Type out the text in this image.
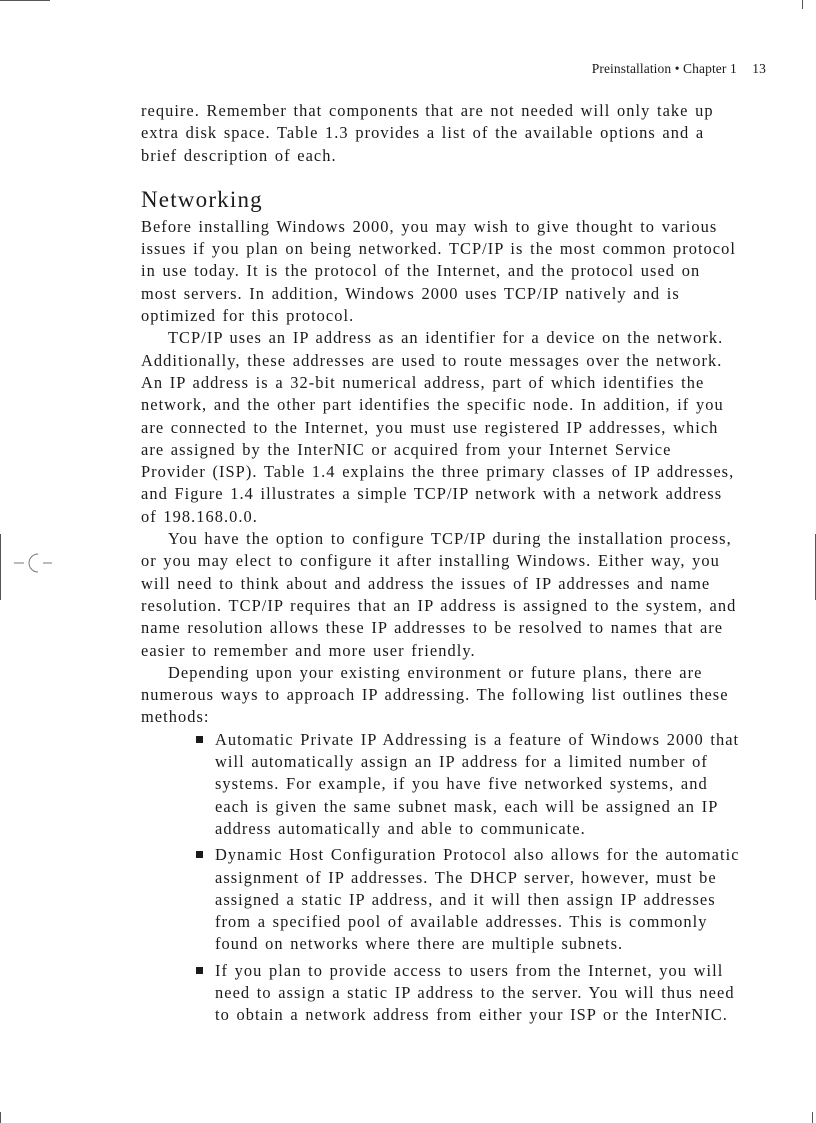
Preinstallation • Chapter 1 13

require. Remember that components that are not needed will only take up extra disk space. Table 1.3 provides a list of the available options and a brief description of each.

Networking

Before installing Windows 2000, you may wish to give thought to various issues if you plan on being networked. TCP/IP is the most common protocol in use today. It is the protocol of the Internet, and the protocol used on most servers. In addition, Windows 2000 uses TCP/IP natively and is optimized for this protocol.

TCP/IP uses an IP address as an identifier for a device on the network. Additionally, these addresses are used to route messages over the network. An IP address is a 32-bit numerical address, part of which identifies the network, and the other part identifies the specific node. In addition, if you are connected to the Internet, you must use registered IP addresses, which are assigned by the InterNIC or acquired from your Internet Service Provider (ISP). Table 1.4 explains the three primary classes of IP addresses, and Figure 1.4 illustrates a simple TCP/IP network with a network address of 198.168.0.0.

You have the option to configure TCP/IP during the installation process, or you may elect to configure it after installing Windows. Either way, you will need to think about and address the issues of IP addresses and name resolution. TCP/IP requires that an IP address is assigned to the system, and name resolution allows these IP addresses to be resolved to names that are easier to remember and more user friendly.

Depending upon your existing environment or future plans, there are numerous ways to approach IP addressing. The following list outlines these methods:

Automatic Private IP Addressing is a feature of Windows 2000 that will automatically assign an IP address for a limited number of systems. For example, if you have five networked systems, and each is given the same subnet mask, each will be assigned an IP address automatically and able to communicate.
Dynamic Host Configuration Protocol also allows for the automatic assignment of IP addresses. The DHCP server, however, must be assigned a static IP address, and it will then assign IP addresses from a specified pool of available addresses. This is commonly found on networks where there are multiple subnets.
If you plan to provide access to users from the Internet, you will need to assign a static IP address to the server. You will thus need to obtain a network address from either your ISP or the InterNIC.
